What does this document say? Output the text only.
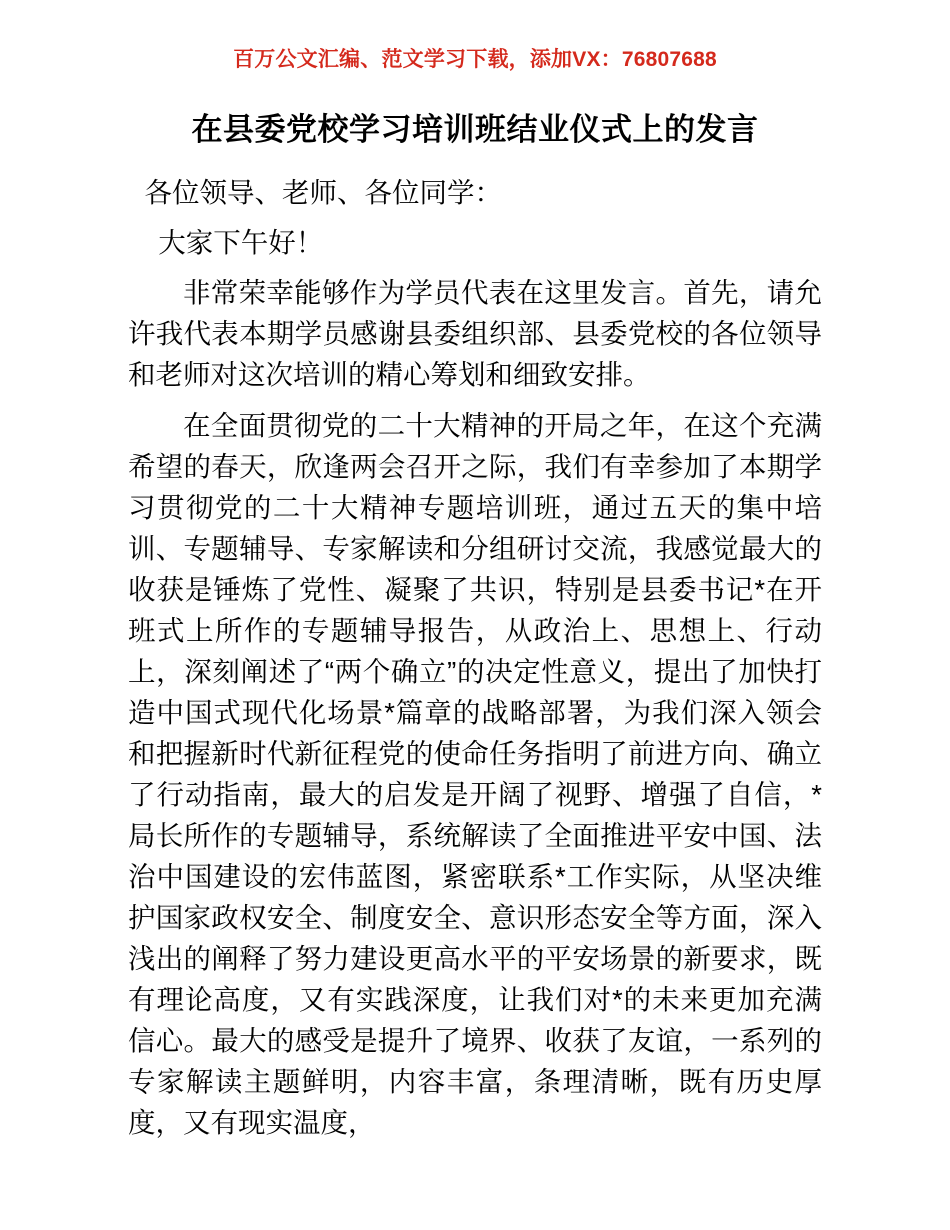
百万公文汇编、范文学习下载，添加VX：76807688
在县委党校学习培训班结业仪式上的发言

各位领导、老师、各位同学：

大家下午好！

非常荣幸能够作为学员代表在这里发言。首先，请允许我代表本期学员感谢县委组织部、县委党校的各位领导和老师对这次培训的精心筹划和细致安排。

在全面贯彻党的二十大精神的开局之年，在这个充满希望的春天，欣逢两会召开之际，我们有幸参加了本期学习贯彻党的二十大精神专题培训班，通过五天的集中培训、专题辅导、专家解读和分组研讨交流，我感觉最大的收获是锤炼了党性、凝聚了共识，特别是县委书记*在开班式上所作的专题辅导报告，从政治上、思想上、行动上，深刻阐述了“两个确立”的决定性意义，提出了加快打造中国式现代化场景*篇章的战略部署，为我们深入领会和把握新时代新征程党的使命任务指明了前进方向、确立了行动指南，最大的启发是开阔了视野、增强了自信，*局长所作的专题辅导，系统解读了全面推进平安中国、法治中国建设的宏伟蓝图，紧密联系*工作实际，从坚决维护国家政权安全、制度安全、意识形态安全等方面，深入浅出的阐释了努力建设更高水平的平安场景的新要求，既有理论高度，又有实践深度，让我们对*的未来更加充满信心。最大的感受是提升了境界、收获了友谊，一系列的专家解读主题鲜明，内容丰富，条理清晰，既有历史厚度，又有现实温度，
